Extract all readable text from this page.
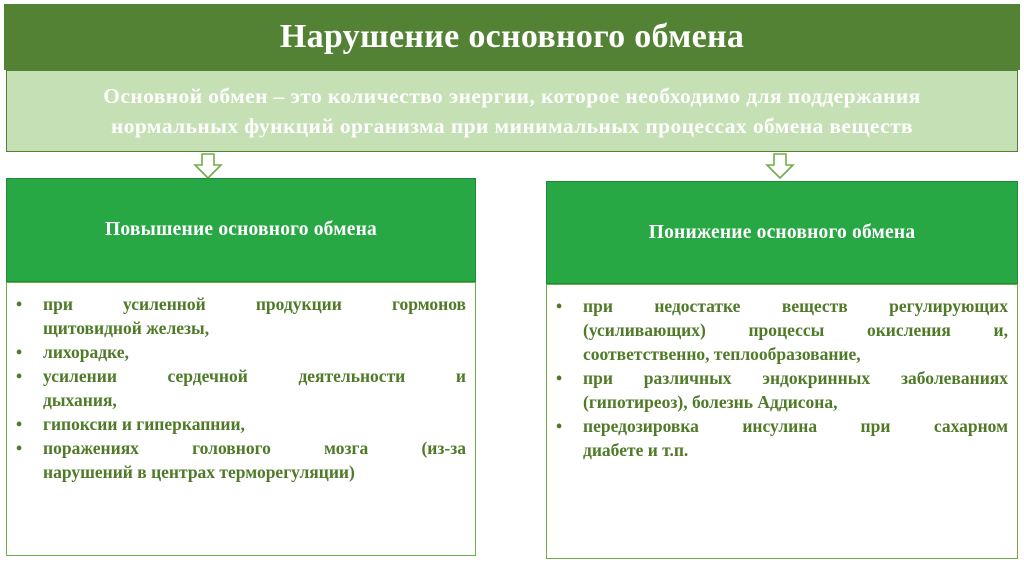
Нарушение основного обмена

Основной обмен – это количество энергии, которое необходимо для поддержания
нормальных функций организма при минимальных процессах обмена веществ

Повышение основного обмена
• при усиленной продукции гормонов
щитовидной железы,
• лихорадке,
• усилении сердечной деятельности и
дыхания,
• гипоксии и гиперкапнии,
• поражениях головного мозга (из-за
нарушений в центрах терморегуляции)
Понижение основного обмена
• при недостатке веществ регулирующих
(усиливающих) процессы окисления и,
соответственно, теплообразование,
• при различных эндокринных заболеваниях
(гипотиреоз), болезнь Аддисона,
• передозировка инсулина при сахарном
диабете и т.п.
